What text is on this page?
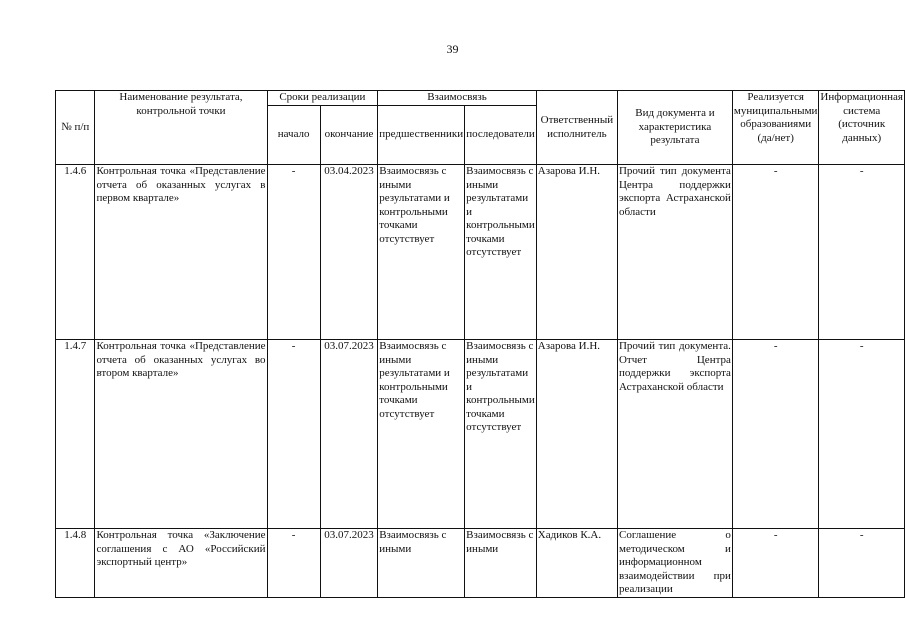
39
№ п/п	Наименование результата, контрольной точки	Сроки реализации		Взаимосвязь		Ответственный исполнитель	Вид документа и характеристика результата	Реализуется муниципальными образованиями (да/нет)	Информационная система (источник данных)
		начало	окончание	предшественники	последователи				
1.4.6	Контрольная точка «Представление отчета об оказанных услугах в первом квартале»	-	03.04.2023	Взаимосвязь с иными результатами и контрольными точками отсутствует	Взаимосвязь с иными результатами и контрольными точками отсутствует	Азарова И.Н.	Прочий тип документа Центра поддержки экспорта Астраханской области	-	-
1.4.7	Контрольная точка «Представление отчета об оказанных услугах во втором квартале»	-	03.07.2023	Взаимосвязь с иными результатами и контрольными точками отсутствует	Взаимосвязь с иными результатами и контрольными точками отсутствует	Азарова И.Н.	Прочий тип документа. Отчет Центра поддержки экспорта Астраханской области	-	-
1.4.8	Контрольная точка «Заключение соглашения с АО «Российский экспортный центр»	-	03.07.2023	Взаимосвязь с иными	Взаимосвязь с иными	Хадиков К.А.	Соглашение о методическом и информационном взаимодействии при реализации	-	-
